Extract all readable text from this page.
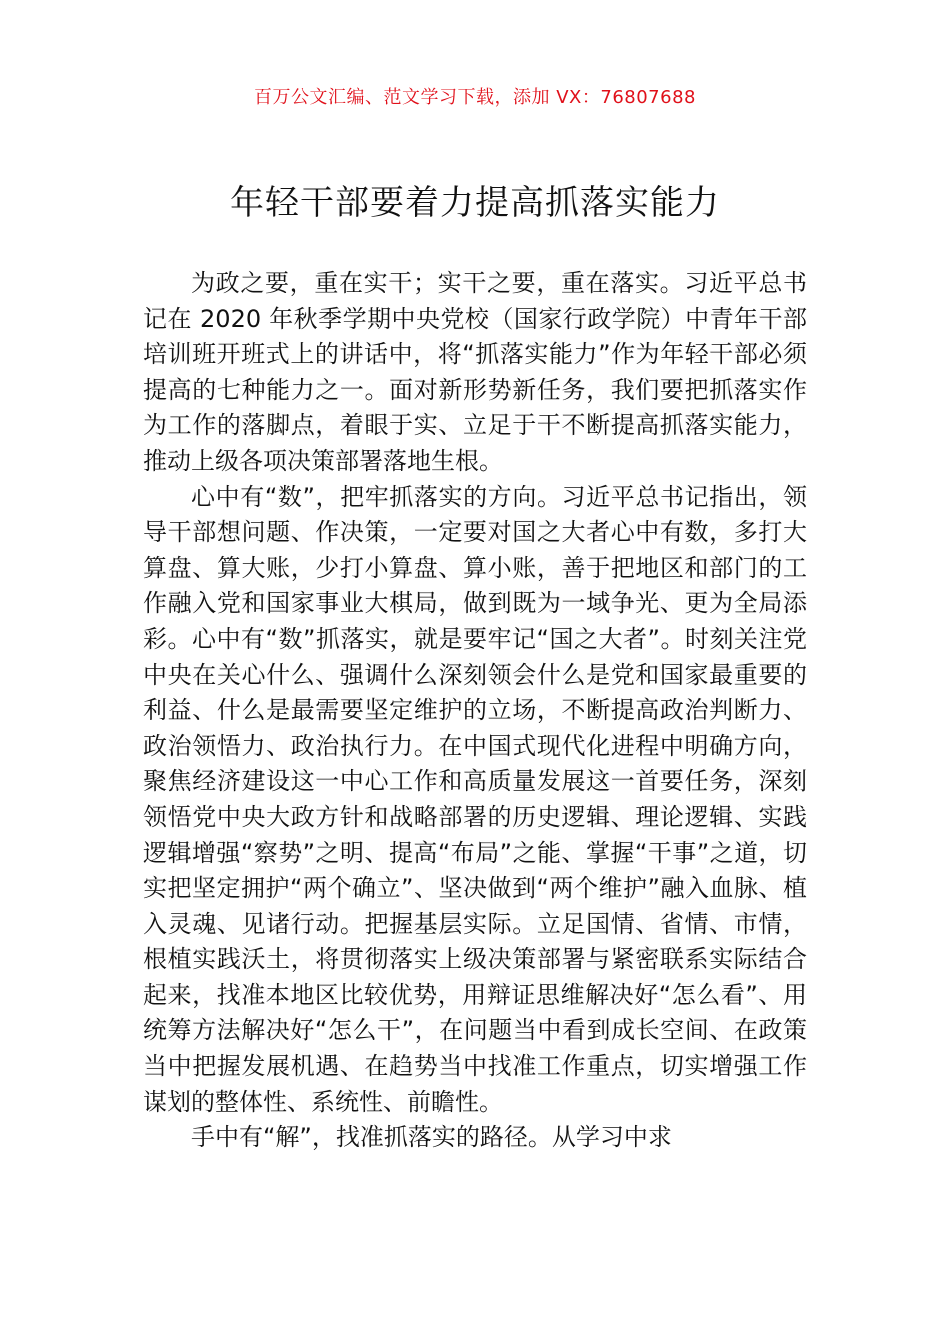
百万公文汇编、范文学习下载，添加 VX：76807688
年轻干部要着力提高抓落实能力

为政之要，重在实干；实干之要，重在落实。习近平总书记在 2020 年秋季学期中央党校（国家行政学院）中青年干部培训班开班式上的讲话中，将“抓落实能力”作为年轻干部必须提高的七种能力之一。面对新形势新任务，我们要把抓落实作为工作的落脚点，着眼于实、立足于干不断提高抓落实能力，推动上级各项决策部署落地生根。

心中有“数”，把牢抓落实的方向。习近平总书记指出，领导干部想问题、作决策，一定要对国之大者心中有数，多打大算盘、算大账，少打小算盘、算小账，善于把地区和部门的工作融入党和国家事业大棋局，做到既为一域争光、更为全局添彩。心中有“数”抓落实，就是要牢记“国之大者”。时刻关注党中央在关心什么、强调什么深刻领会什么是党和国家最重要的利益、什么是最需要坚定维护的立场，不断提高政治判断力、政治领悟力、政治执行力。在中国式现代化进程中明确方向，聚焦经济建设这一中心工作和高质量发展这一首要任务，深刻领悟党中央大政方针和战略部署的历史逻辑、理论逻辑、实践逻辑增强“察势”之明、提高“布局”之能、掌握“干事”之道，切实把坚定拥护“两个确立”、坚决做到“两个维护”融入血脉、植入灵魂、见诸行动。把握基层实际。立足国情、省情、市情，根植实践沃土，将贯彻落实上级决策部署与紧密联系实际结合起来，找准本地区比较优势，用辩证思维解决好“怎么看”、用统筹方法解决好“怎么干”，在问题当中看到成长空间、在政策当中把握发展机遇、在趋势当中找准工作重点，切实增强工作谋划的整体性、系统性、前瞻性。

手中有“解”，找准抓落实的路径。从学习中求
